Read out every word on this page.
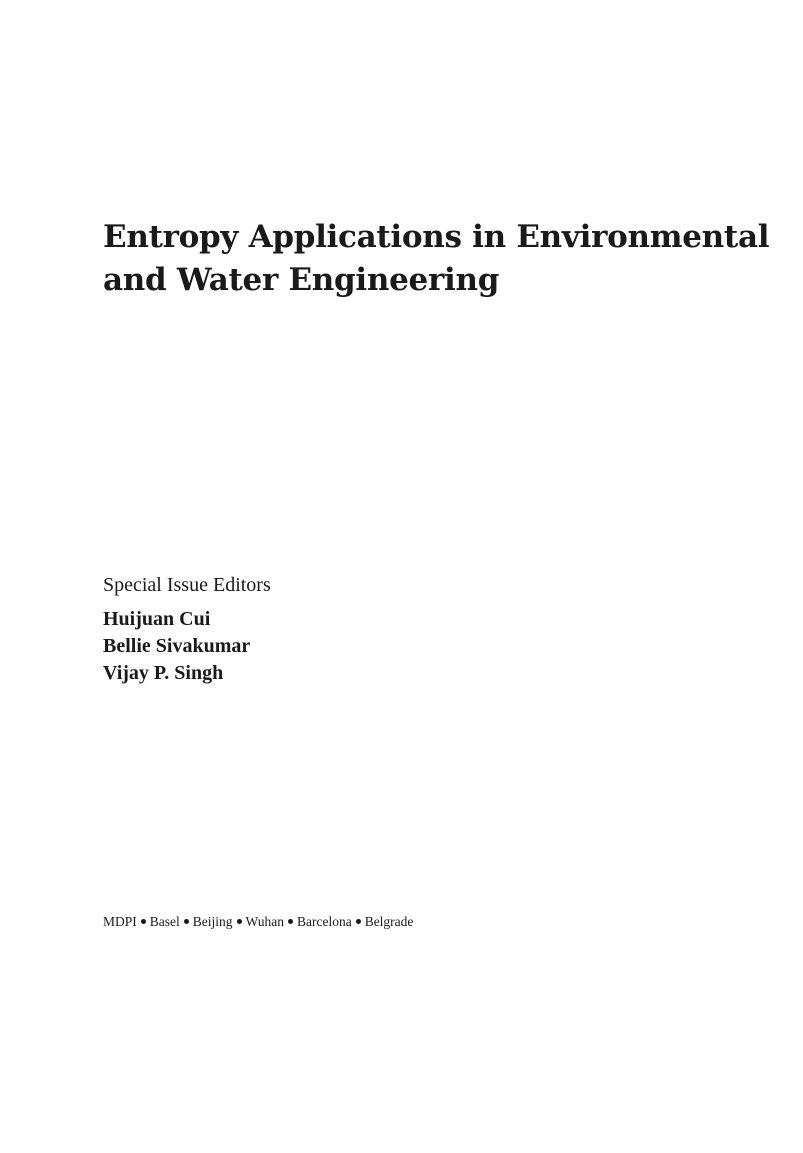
Entropy Applications in Environmental
and Water Engineering
Special Issue Editors
Huijuan Cui
Bellie Sivakumar
Vijay P. Singh
MDPI Basel Beijing Wuhan Barcelona Belgrade
